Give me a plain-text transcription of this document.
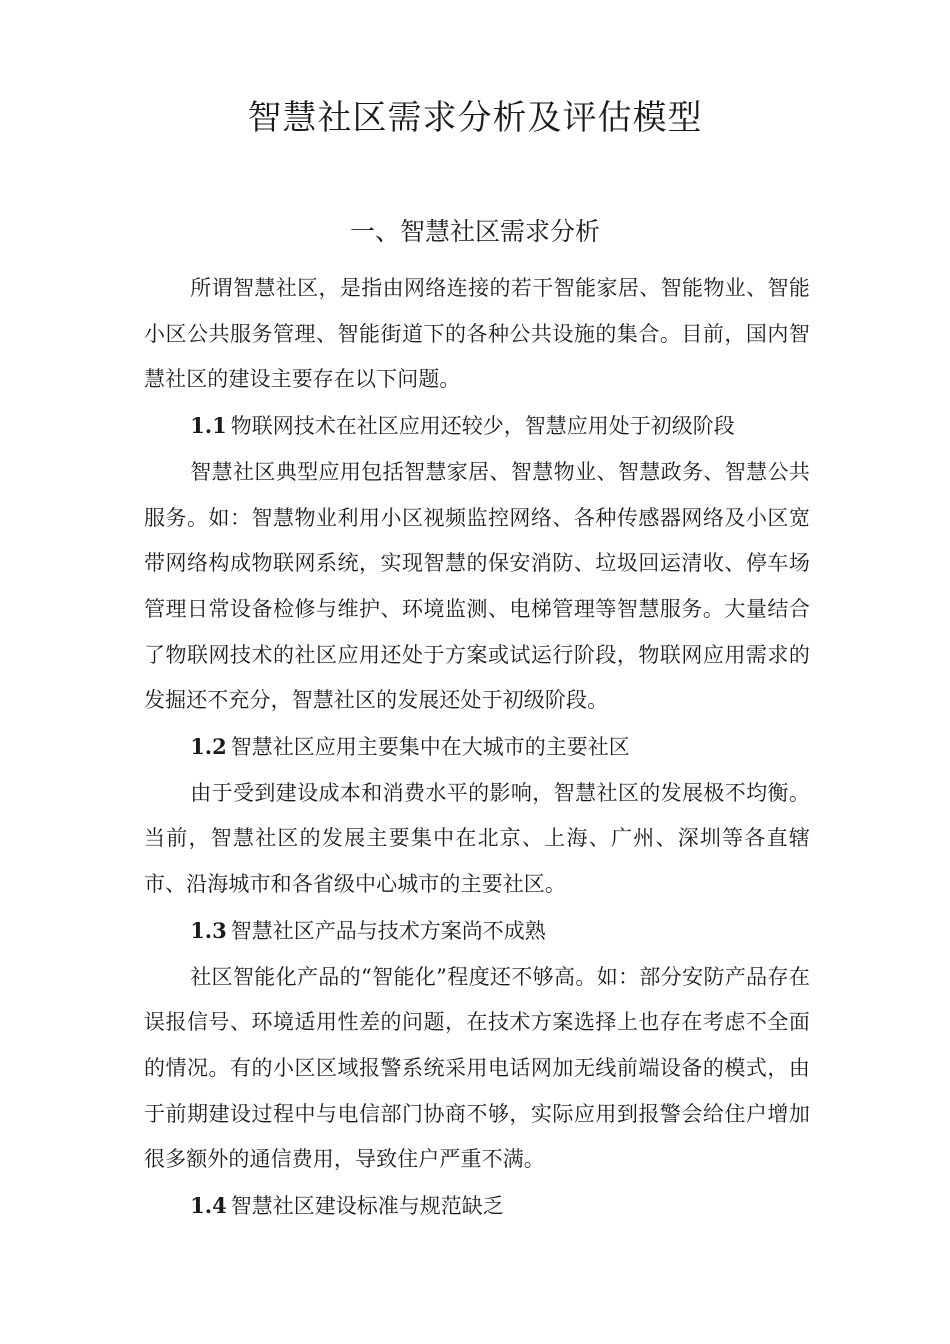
智慧社区需求分析及评估模型
一、智慧社区需求分析

所谓智慧社区，是指由网络连接的若干智能家居、智能物业、智能小区公共服务管理、智能街道下的各种公共设施的集合。目前，国内智慧社区的建设主要存在以下问题。

1.1 物联网技术在社区应用还较少，智慧应用处于初级阶段

智慧社区典型应用包括智慧家居、智慧物业、智慧政务、智慧公共服务。如：智慧物业利用小区视频监控网络、各种传感器网络及小区宽带网络构成物联网系统，实现智慧的保安消防、垃圾回运清收、停车场管理日常设备检修与维护、环境监测、电梯管理等智慧服务。大量结合了物联网技术的社区应用还处于方案或试运行阶段，物联网应用需求的发掘还不充分，智慧社区的发展还处于初级阶段。

1.2 智慧社区应用主要集中在大城市的主要社区

由于受到建设成本和消费水平的影响，智慧社区的发展极不均衡。当前，智慧社区的发展主要集中在北京、上海、广州、深圳等各直辖市、沿海城市和各省级中心城市的主要社区。

1.3 智慧社区产品与技术方案尚不成熟

社区智能化产品的“智能化”程度还不够高。如：部分安防产品存在误报信号、环境适用性差的问题，在技术方案选择上也存在考虑不全面的情况。有的小区区域报警系统采用电话网加无线前端设备的模式，由于前期建设过程中与电信部门协商不够，实际应用到报警会给住户增加很多额外的通信费用，导致住户严重不满。

1.4 智慧社区建设标准与规范缺乏
